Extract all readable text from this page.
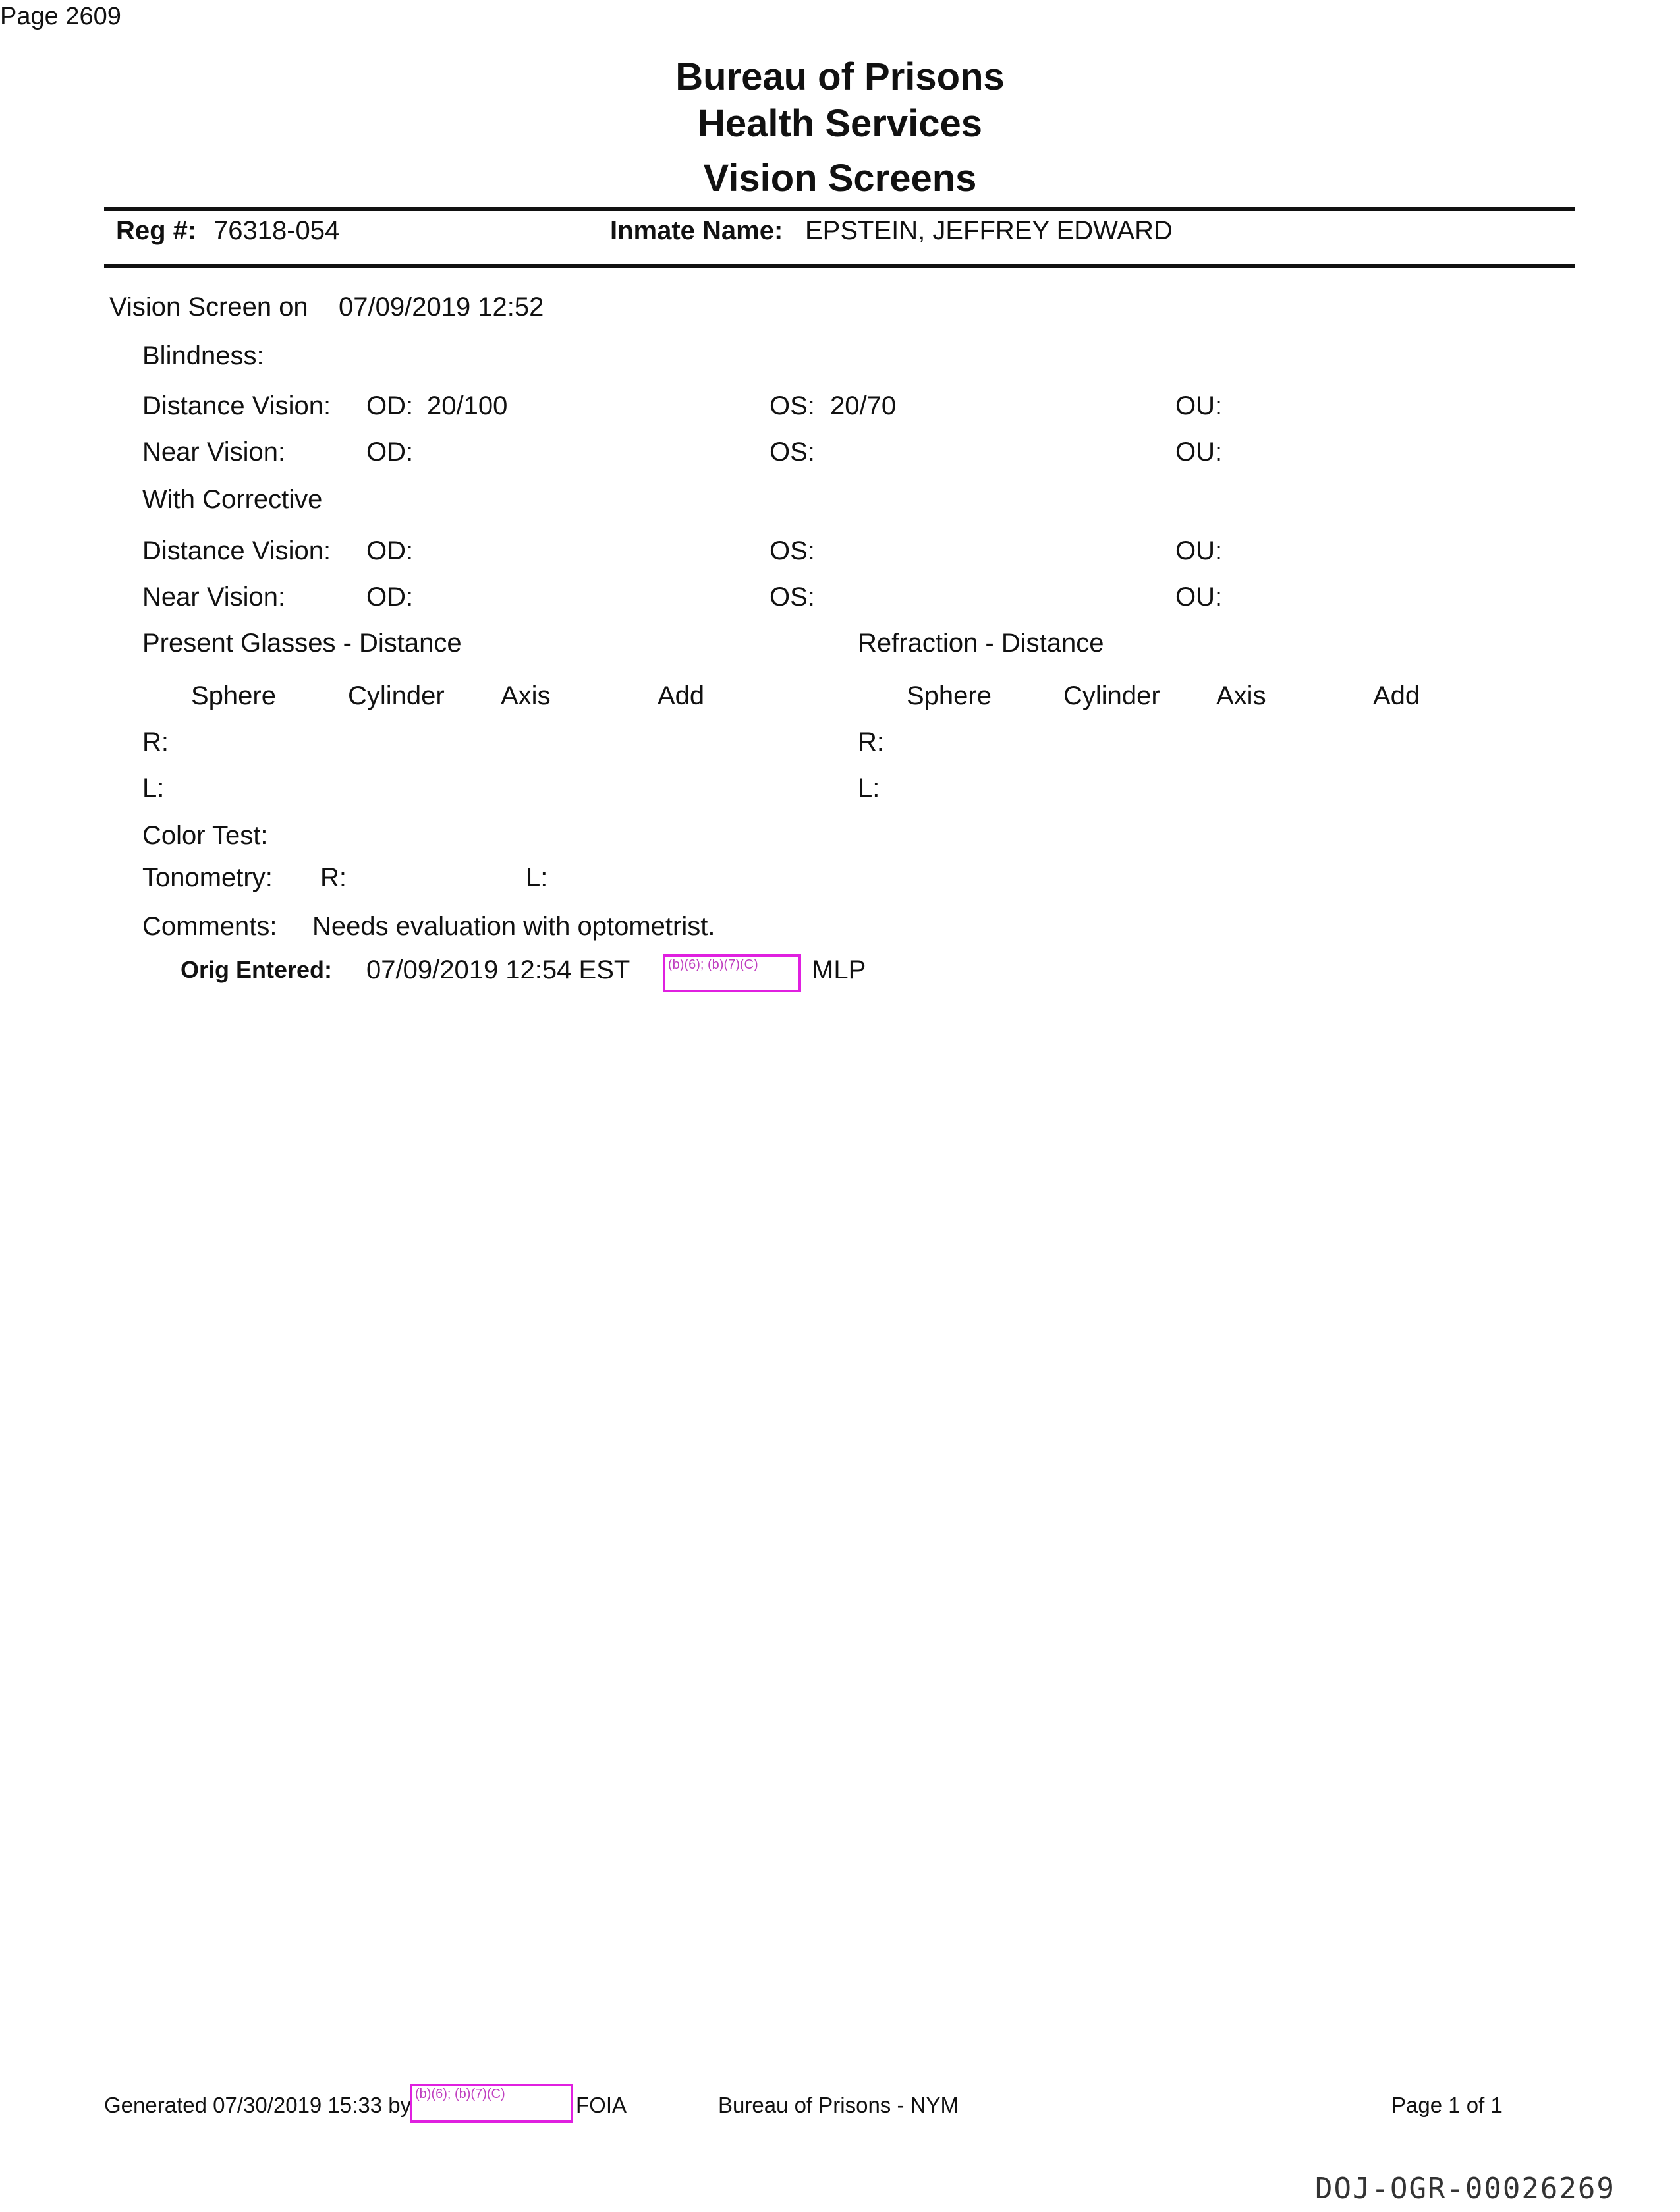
Page 2609
Bureau of Prisons
Health Services
Vision Screens
Reg #: 76318-054	Inmate Name: EPSTEIN, JEFFREY EDWARD
Vision Screen on 07/09/2019 12:52
Blindness:
Distance Vision: OD: 20/100	OS: 20/70	OU:
Near Vision:	OD:	OS:	OU:
With Corrective
Distance Vision: OD:	OS:	OU:
Near Vision:	OD:	OS:	OU:
Present Glasses - Distance	Refraction - Distance
Sphere	Cylinder Axis	Add	Sphere	Cylinder Axis	Add
R:	R:
L:	L:
Color Test:
Tonometry: R:	L:
Comments: Needs evaluation with optometrist.
Orig Entered: 07/09/2019 12:54 EST	(b)(6); (b)(7)(C)	MLP
Generated 07/30/2019 15:33 by (b)(6); (b)(7)(C)	FOIA	Bureau of Prisons - NYM	Page 1 of 1
DOJ-OGR-00026269
